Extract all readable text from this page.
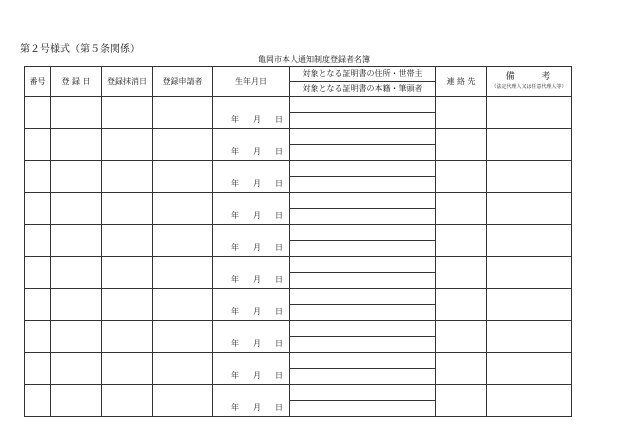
第２号様式（第５条関係）
亀岡市本人通知制度登録者名簿
番号	登 録 日	登録抹消日	登録申請者	生年月日	対象となる証明書の住所・世帯主	連 絡 先	備 考
（法定代理人又は任意代理人等）

					対象となる証明書の本籍・筆頭者		
				年 月 日			

				年 月 日			

				年 月 日			

				年 月 日			

				年 月 日			

				年 月 日			

				年 月 日			

				年 月 日			

				年 月 日			

				年 月 日			
